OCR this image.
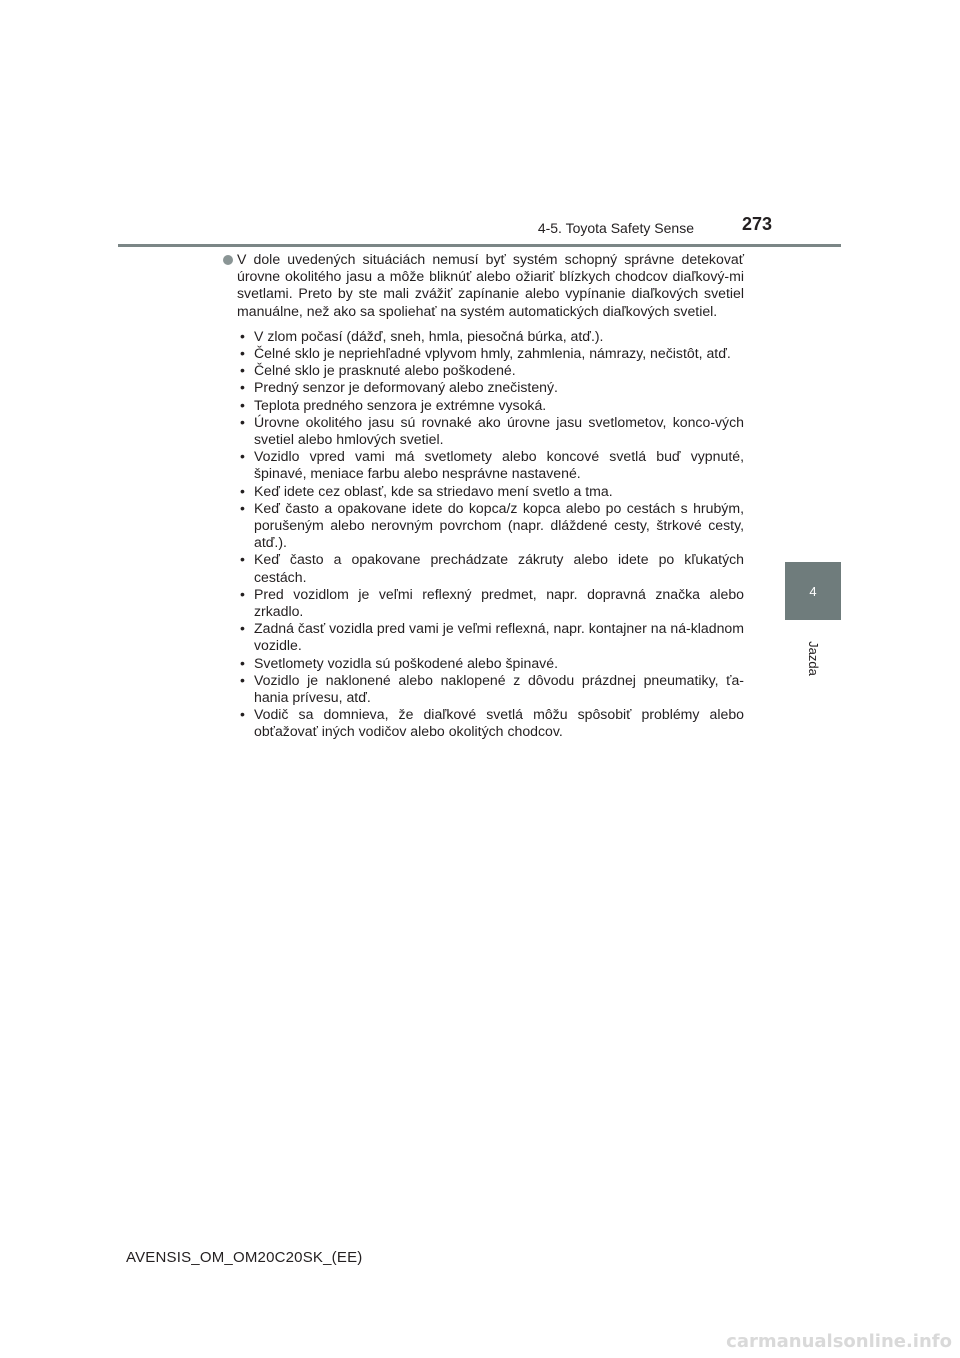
4-5. Toyota Safety Sense	273
4
Jazda

V dole uvedených situáciách nemusí byť systém schopný správne detekovať úrovne okolitého jasu a môže bliknúť alebo ožiariť blízkych chodcov diaľkový-mi svetlami. Preto by ste mali zvážiť zapínanie alebo vypínanie diaľkových svetiel manuálne, než ako sa spoliehať na systém automatických diaľkových svetiel.

• V zlom počasí (dážď, sneh, hmla, piesočná búrka, atď.).
• Čelné sklo je nepriehľadné vplyvom hmly, zahmlenia, námrazy, nečistôt, atď.
• Čelné sklo je prasknuté alebo poškodené.
• Predný senzor je deformovaný alebo znečistený.
• Teplota predného senzora je extrémne vysoká.
• Úrovne okolitého jasu sú rovnaké ako úrovne jasu svetlometov, konco-vých svetiel alebo hmlových svetiel.
• Vozidlo vpred vami má svetlomety alebo koncové svetlá buď vypnuté, špinavé, meniace farbu alebo nesprávne nastavené.
• Keď idete cez oblasť, kde sa striedavo mení svetlo a tma.
• Keď často a opakovane idete do kopca/z kopca alebo po cestách s hrubým, porušeným alebo nerovným povrchom (napr. dláždené cesty, štrkové cesty, atď.).
• Keď často a opakovane prechádzate zákruty alebo idete po kľukatých cestách.
• Pred vozidlom je veľmi reflexný predmet, napr. dopravná značka alebo zrkadlo.
• Zadná časť vozidla pred vami je veľmi reflexná, napr. kontajner na ná-kladnom vozidle.
• Svetlomety vozidla sú poškodené alebo špinavé.
• Vozidlo je naklonené alebo naklopené z dôvodu prázdnej pneumatiky, ťa-hania prívesu, atď.
• Vodič sa domnieva, že diaľkové svetlá môžu spôsobiť problémy alebo obťažovať iných vodičov alebo okolitých chodcov.
AVENSIS_OM_OM20C20SK_(EE)
carmanualsonline.info
